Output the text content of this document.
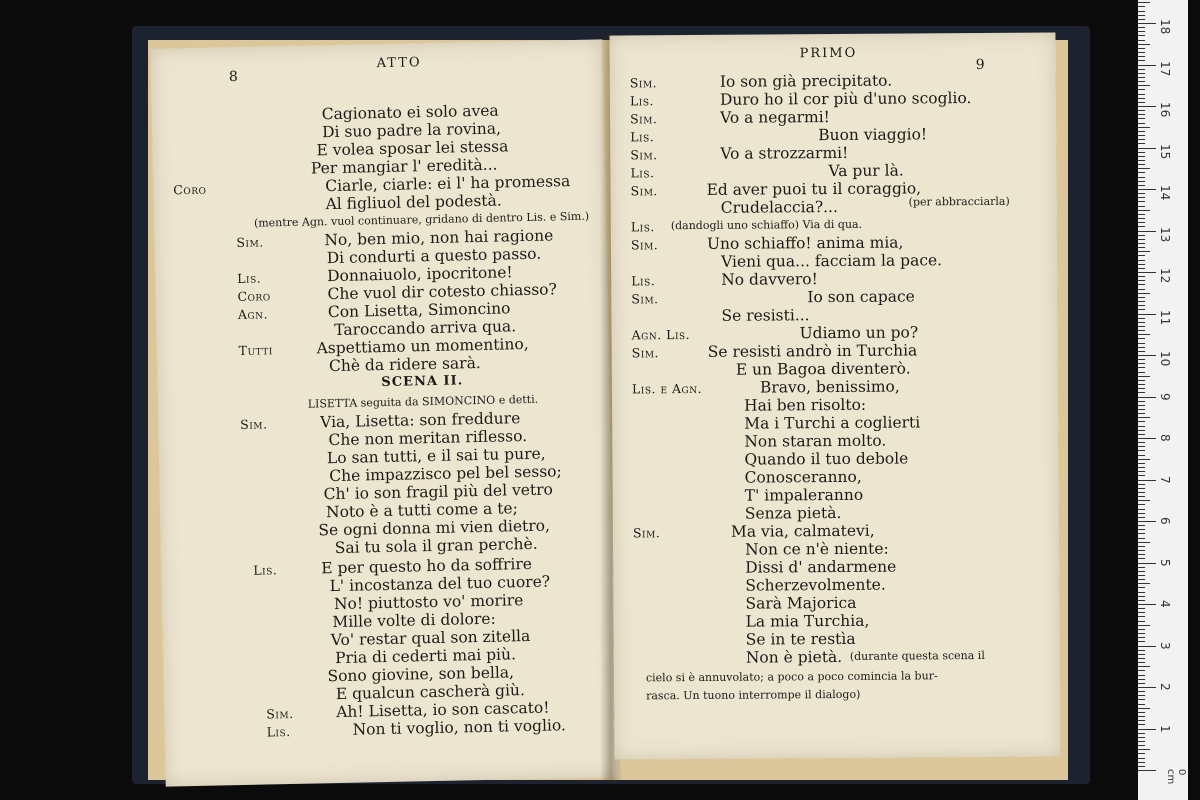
8
ATTO
Cagionato ei solo avea
Di suo padre la rovina,
E volea sposar lei stessa
Per mangiar l' eredità...
Coro	Ciarle, ciarle: ei l' ha promessa
Al figliuol del podestà.
(mentre Agn. vuol continuare, gridano di dentro Lis. e Sim.)
Sim.	No, ben mio, non hai ragione
Di condurti a questo passo.
Lis.	Donnaiuolo, ipocritone!
Coro	Che vuol dir cotesto chiasso?
Agn.	Con Lisetta, Simoncino
Taroccando arriva qua.
Tutti	Aspettiamo un momentino,
Chè da ridere sarà.
SCENA II.
LISETTA seguita da SIMONCINO e detti.
Sim.	Via, Lisetta: son freddure
Che non meritan riflesso.
Lo san tutti, e il sai tu pure,
Che impazzisco pel bel sesso;
Ch' io son fragil più del vetro
Noto è a tutti come a te;
Se ogni donna mi vien dietro,
Sai tu sola il gran perchè.
Lis.	E per questo ho da soffrire
L' incostanza del tuo cuore?
No! piuttosto vo' morire
Mille volte di dolore:
Vo' restar qual son zitella
Pria di cederti mai più.
Sono giovine, son bella,
E qualcun cascherà giù.
Sim.	Ah! Lisetta, io son cascato!
Lis.	Non ti voglio, non ti voglio.
PRIMO
9
Sim.	Io son già precipitato.
Lis.	Duro ho il cor più d'uno scoglio.
Sim.	Vo a negarmi!
Lis.	Buon viaggio!
Sim.	Vo a strozzarmi!
Lis.	Va pur là.
Sim.	Ed aver puoi tu il coraggio,
Crudelaccia?...	(per abbracciarla)
Lis. (dandogli uno schiaffo) Via di qua.
Sim.	Uno schiaffo! anima mia,
Vieni qua... facciam la pace.
Lis.	No davvero!
Sim.	Io son capace
Se resisti...
Agn. Lis.	Udiamo un po?
Sim.	Se resisti andrò in Turchia
E un Bagoa diventerò.
Lis. e Agn.	Bravo, benissimo,
Hai ben risolto:
Ma i Turchi a coglierti
Non staran molto.
Quando il tuo debole
Conosceranno,
T' impaleranno
Senza pietà.
Sim.	Ma via, calmatevi,
Non ce n'è niente:
Dissi d' andarmene
Scherzevolmente.
Sarà Majorica
La mia Turchia,
Se in te restìa
Non è pietà. (durante questa scena il
cielo si è annuvolato; a poco a poco comincia la bur-
rasca. Un tuono interrompe il dialogo)
1
2
3
4
5
6
7
8
9
10
11
12
13
14
15
16
17
18
0 cm
